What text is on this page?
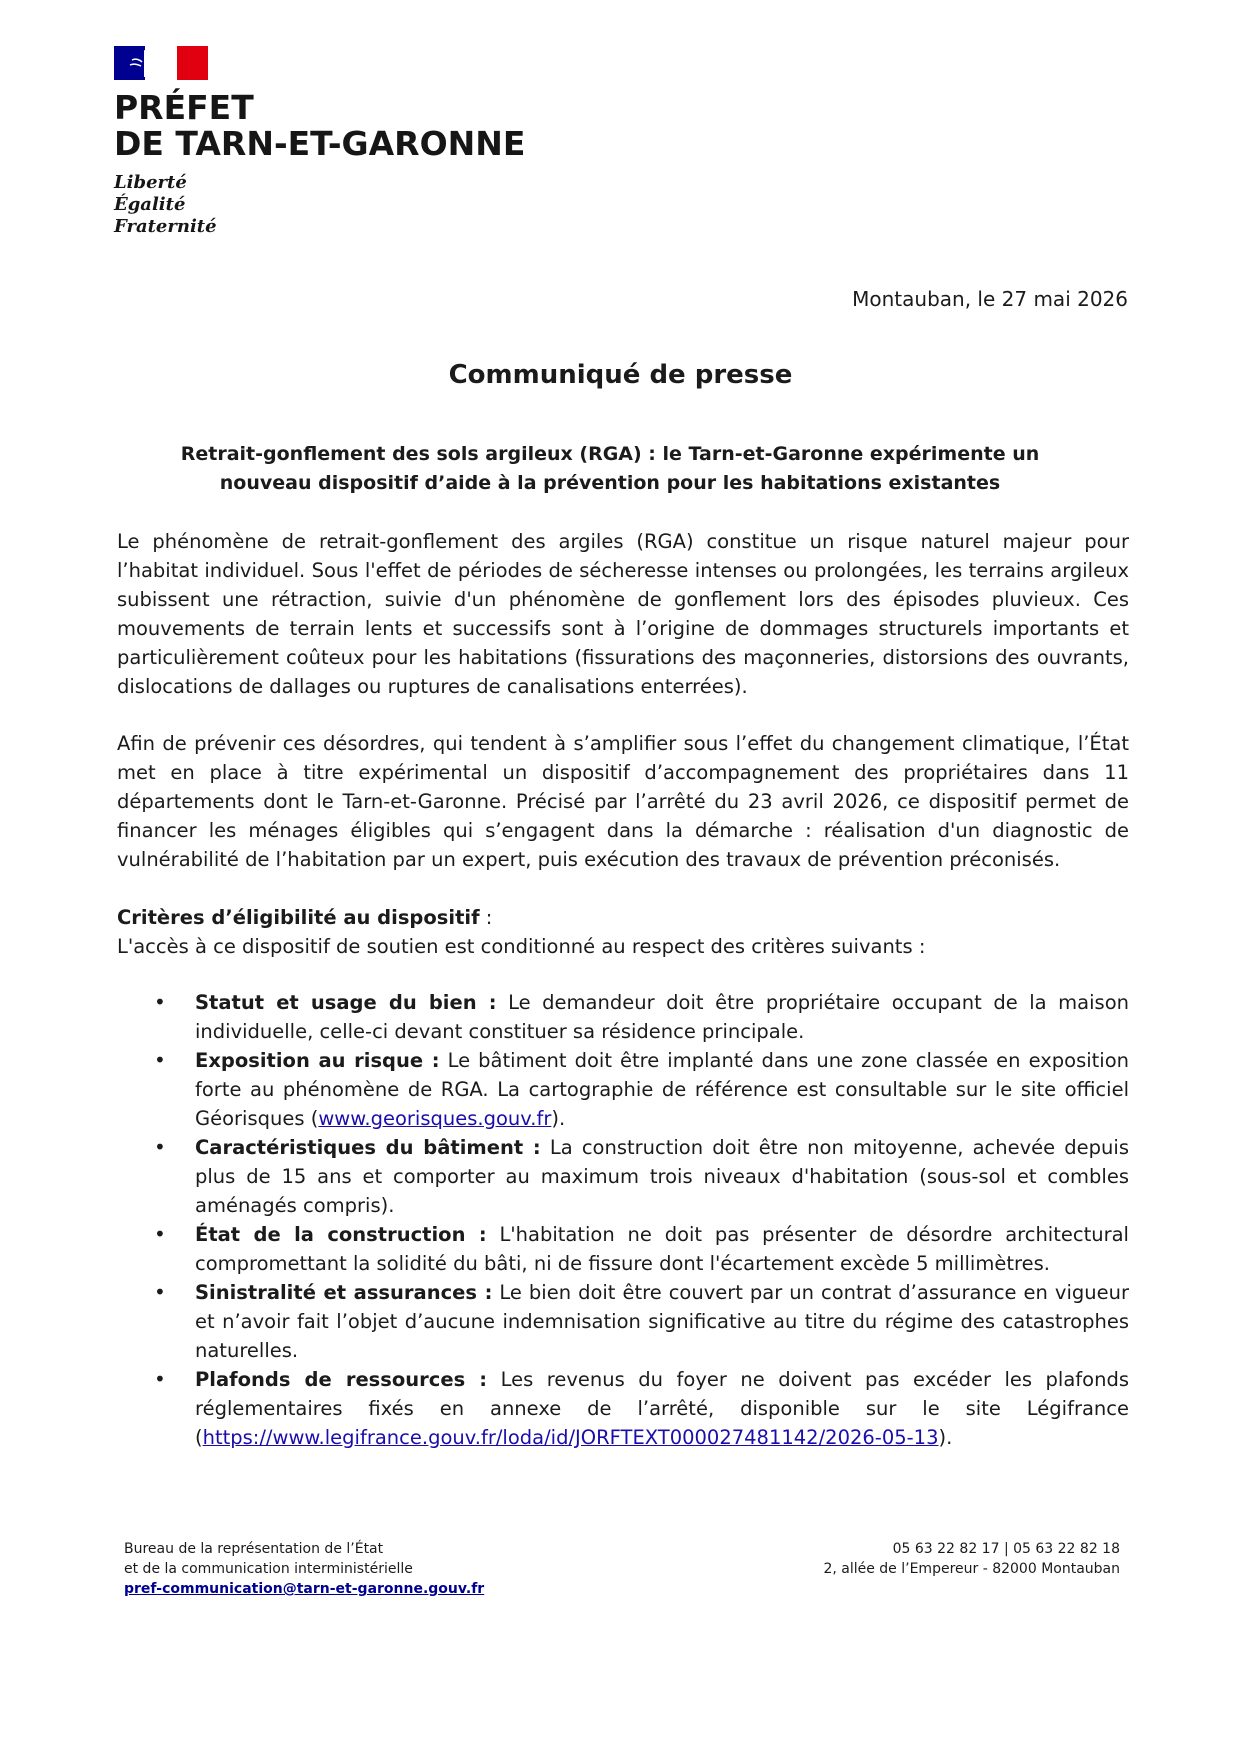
PRÉFET
DE TARN-ET-GARONNE
Liberté
Égalité
Fraternité
Montauban, le 27 mai 2026
Communiqué de presse
Retrait-gonflement des sols argileux (RGA) : le Tarn-et-Garonne expérimente un nouveau dispositif d’aide à la prévention pour les habitations existantes
Le phénomène de retrait-gonflement des argiles (RGA) constitue un risque naturel majeur pour l’habitat individuel. Sous l'effet de périodes de sécheresse intenses ou prolongées, les terrains argileux subissent une rétraction, suivie d'un phénomène de gonflement lors des épisodes pluvieux. Ces mouvements de terrain lents et successifs sont à l’origine de dommages structurels importants et particulièrement coûteux pour les habitations (fissurations des maçonneries, distorsions des ouvrants, dislocations de dallages ou ruptures de canalisations enterrées).
Afin de prévenir ces désordres, qui tendent à s’amplifier sous l’effet du changement climatique, l’État met en place à titre expérimental un dispositif d’accompagnement des propriétaires dans 11 départements dont le Tarn-et-Garonne. Précisé par l’arrêté du 23 avril 2026, ce dispositif permet de financer les ménages éligibles qui s’engagent dans la démarche : réalisation d'un diagnostic de vulnérabilité de l’habitation par un expert, puis exécution des travaux de prévention préconisés.
Critères d’éligibilité au dispositif :
L'accès à ce dispositif de soutien est conditionné au respect des critères suivants :
• Statut et usage du bien : Le demandeur doit être propriétaire occupant de la maison individuelle, celle-ci devant constituer sa résidence principale.
• Exposition au risque : Le bâtiment doit être implanté dans une zone classée en exposition forte au phénomène de RGA. La cartographie de référence est consultable sur le site officiel Géorisques (www.georisques.gouv.fr).
• Caractéristiques du bâtiment : La construction doit être non mitoyenne, achevée depuis plus de 15 ans et comporter au maximum trois niveaux d'habitation (sous-sol et combles aménagés compris).
• État de la construction : L'habitation ne doit pas présenter de désordre architectural compromettant la solidité du bâti, ni de fissure dont l'écartement excède 5 millimètres.
• Sinistralité et assurances : Le bien doit être couvert par un contrat d’assurance en vigueur et n’avoir fait l’objet d’aucune indemnisation significative au titre du régime des catastrophes naturelles.
• Plafonds de ressources : Les revenus du foyer ne doivent pas excéder les plafonds réglementaires fixés en annexe de l’arrêté, disponible sur le site Légifrance (https://www.legifrance.gouv.fr/loda/id/JORFTEXT000027481142/2026-05-13).
Bureau de la représentation de l’État
et de la communication interministérielle
pref-communication@tarn-et-garonne.gouv.fr
05 63 22 82 17 | 05 63 22 82 18
2, allée de l’Empereur - 82000 Montauban
